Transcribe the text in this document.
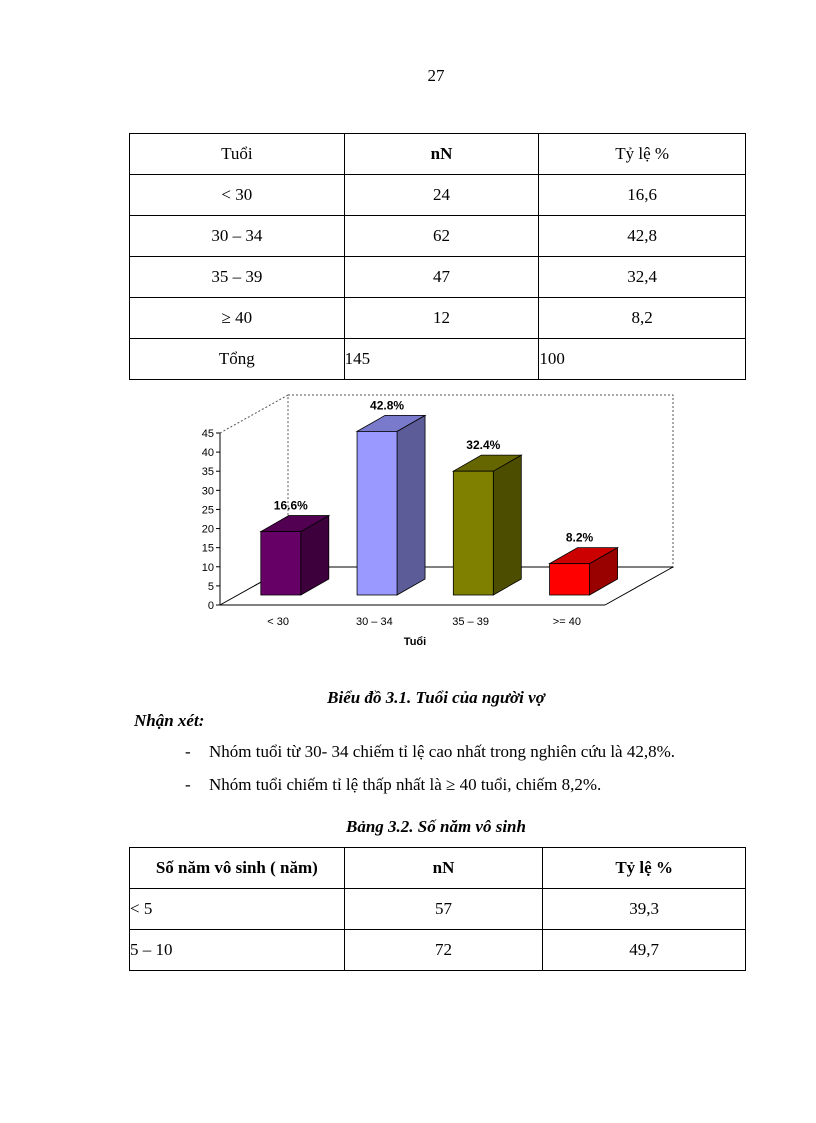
27
Tuổi	nN	Tỷ lệ %
< 30	24	16,6
30 – 34	62	42,8
35 – 39	47	32,4
≥ 40	12	8,2
Tổng	145	100
0
5
10
15
20
25
30
35
40
45
16.6%
42.8%
32.4%
8.2%
< 30	30 – 34	35 – 39	>= 40
Tuổi
Biểu đồ 3.1. Tuổi của người vợ
Nhận xét:
- Nhóm tuổi từ 30- 34 chiếm tỉ lệ cao nhất trong nghiên cứu là 42,8%.
- Nhóm tuổi chiếm tỉ lệ thấp nhất là ≥ 40 tuổi, chiếm 8,2%.
Bảng 3.2. Số năm vô sinh
Số năm vô sinh ( năm)	nN	Tỷ lệ %
< 5	57	39,3
5 – 10	72	49,7
